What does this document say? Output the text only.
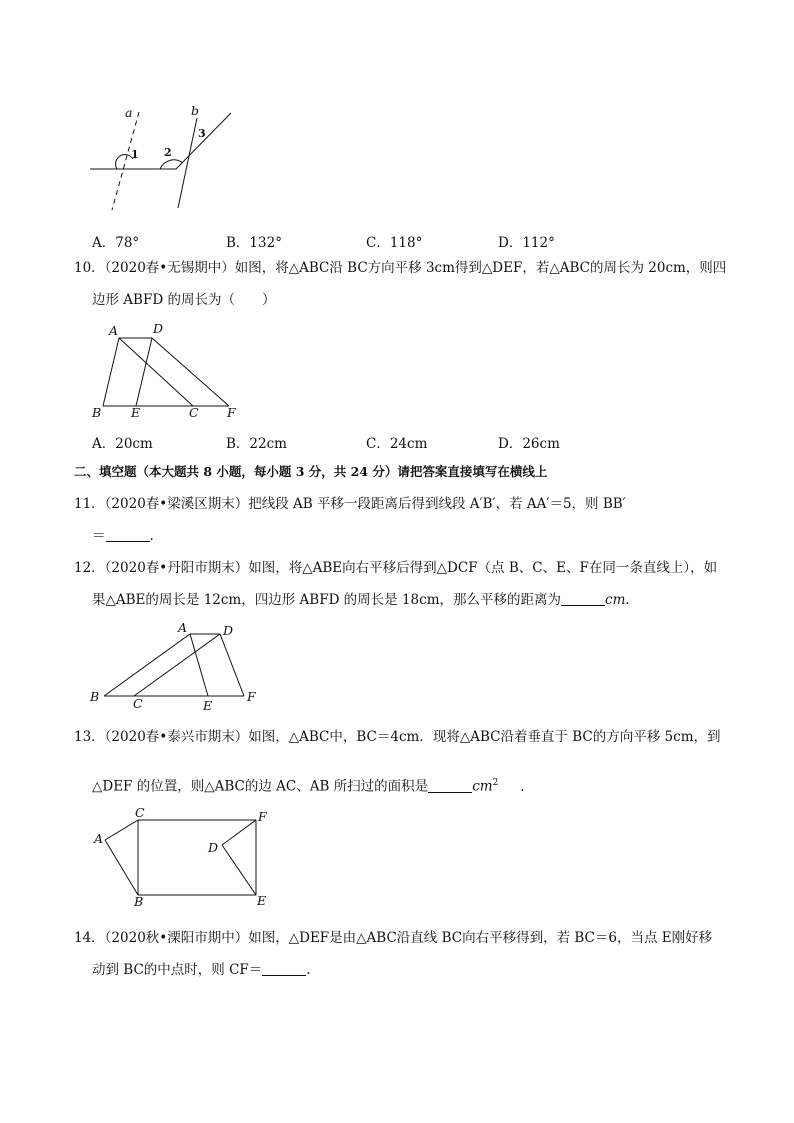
a	b
1 2
3
A．78°	B．132°	C．118°	D．112°
10．（2020春•无锡期中）如图，将△ABC沿 BC方向平移 3cm得到△DEF，若△ABC的周长为 20cm，则四
边形 ABFD 的周长为（　　）
A	D
B E	C F
A．20cm	B．22cm	C．24cm	D．26cm
二、填空题（本大题共 8 小题，每小题 3 分，共 24 分）请把答案直接填写在横线上
11．（2020春•梁溪区期末）把线段 AB 平移一段距离后得到线段 A′B′，若 AA′＝5，则 BB′
＝	.
12．（2020春•丹阳市期末）如图，将△ABE向右平移后得到△DCF（点 B、C、E、F在同一条直线上），如
果△ABE的周长是 12cm，四边形 ABFD 的周长是 18cm，那么平移的距离为	cm.
A	D
B	C	E
F
13．（2020春•泰兴市期末）如图，△ABC中，BC＝4cm．现将△ABC沿着垂直于 BC的方向平移 5cm，到
△DEF 的位置，则△ABC的边 AC、AB 所扫过的面积是	$cm^2$ .
A
B
C
D
E
F
14．（2020秋•溧阳市期中）如图，△DEF是由△ABC沿直线 BC向右平移得到，若 BC＝6，当点 E刚好移
动到 BC的中点时，则 CF＝	.
